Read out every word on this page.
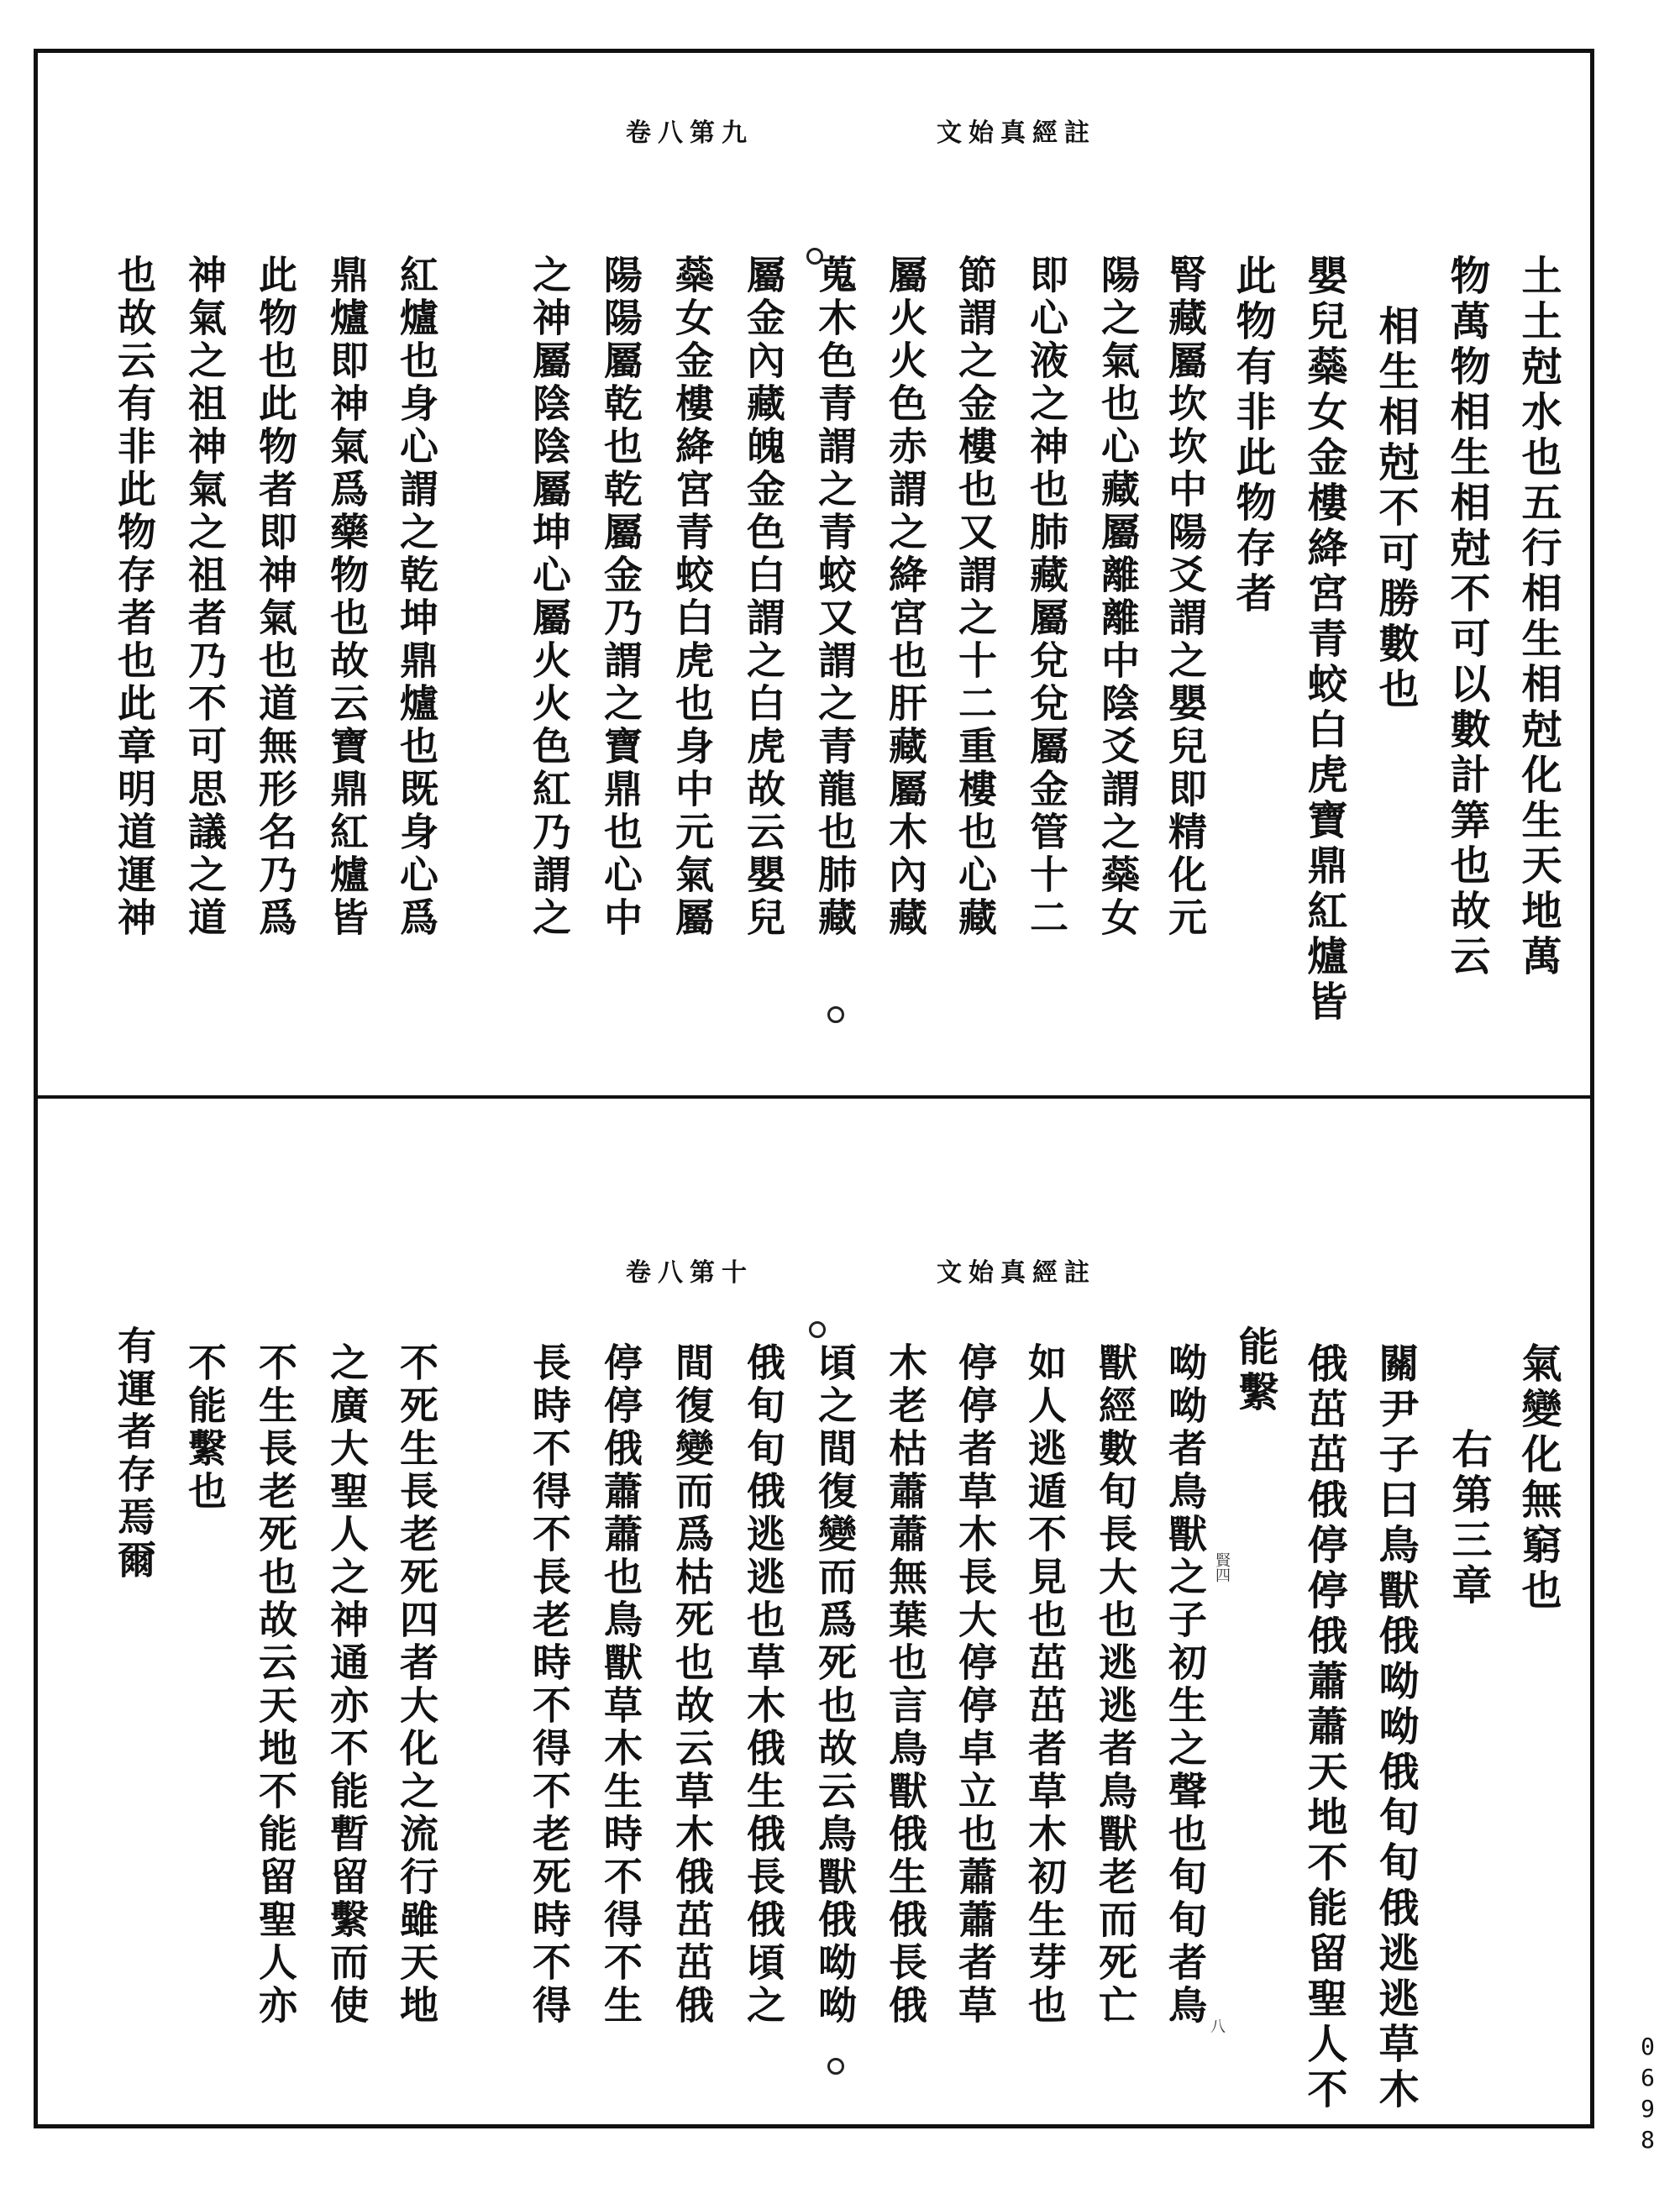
卷八第九	文始真經註
土土尅水也五行相生相尅化生天地萬
物萬物相生相尅不可以數計筭也故云
相生相尅不可勝數也
嬰兒蘂女金樓絳宮青蛟白虎寶鼎紅爐皆
此物有非此物存者
屬火火色赤謂之絳宮也肝藏屬木內藏 節謂之金樓也又謂之十二重樓也心藏 即心液之神也肺藏屬兌兌屬金管十二 陽之氣也心藏屬離離中陰爻謂之蘂女 腎藏屬坎坎中陽爻謂之嬰兒即精化元
蒐木色青謂之青蛟又謂之青龍也肺藏
屬金內藏魄金色白謂之白虎故云嬰兒
蘂女金樓絳宮青蛟白虎也身中元氣屬
陽陽屬乾也乾屬金乃謂之寶鼎也心中
之神屬陰陰屬坤心屬火火色紅乃謂之
紅爐也身心謂之乾坤鼎爐也既身心爲
鼎爐即神氣爲藥物也故云寶鼎紅爐皆
此物也此物者即神氣也道無形名乃爲
神氣之祖神氣之祖者乃不可思議之道
也故云有非此物存者也此章明道運神
卷八第十	文始真經註
氣變化無窮也
右第三章
關尹子曰鳥獸俄呦呦俄旬旬俄逃逃草木
俄茁茁俄停停俄蕭蕭天地不能留聖人不
能繫
呦呦者鳥獸之子初生之聲也旬旬者鳥
獸經數旬長大也逃逃者鳥獸老而死亡
如人逃遁不見也茁茁者草木初生芽也
停停者草木長大停停卓立也蕭蕭者草
木老枯蕭蕭無葉也言鳥獸俄生俄長俄
頃之間復變而爲死也故云鳥獸俄呦呦
俄旬旬俄逃逃也草木俄生俄長俄頃之
間復變而爲枯死也故云草木俄茁茁俄
停停俄蕭蕭也鳥獸草木生時不得不生
長時不得不長老時不得不老死時不得
不死生長老死四者大化之流行雖天地
之廣大聖人之神通亦不能暫留繫而使
不生長老死也故云天地不能留聖人亦
不能繫也
有運者存焉爾
八
賢四
0698
